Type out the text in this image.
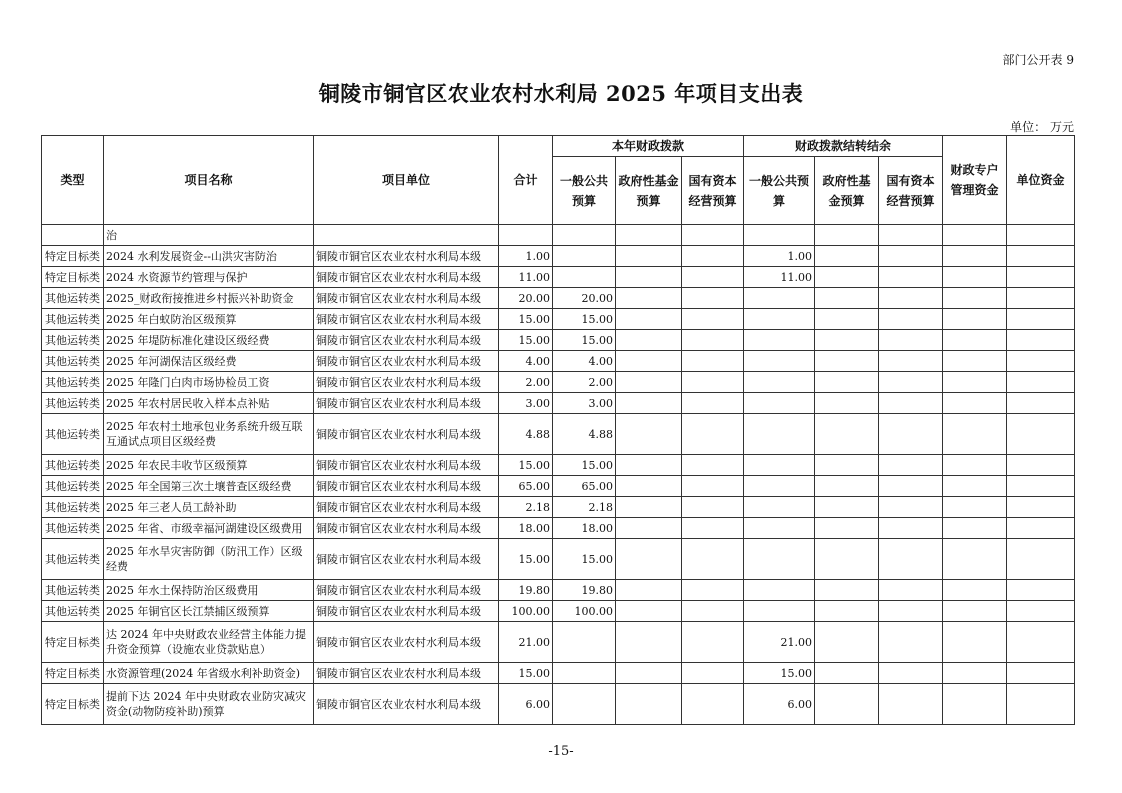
部门公开表 9
铜陵市铜官区农业农村水利局 2025 年项目支出表
单位： 万元
类型	项目名称	项目单位	合计	本年财政拨款			财政拨款结转结余			财政专户管理资金	单位资金
				一般公共预算	政府性基金预算	国有资本经营预算	一般公共预算	政府性基金预算	国有资本经营预算		
	治										
特定目标类	2024 水利发展资金--山洪灾害防治	铜陵市铜官区农业农村水利局本级	1.00				1.00				
特定目标类	2024 水资源节约管理与保护	铜陵市铜官区农业农村水利局本级	11.00				11.00				
其他运转类	2025_财政衔接推进乡村振兴补助资金	铜陵市铜官区农业农村水利局本级	20.00	20.00							
其他运转类	2025 年白蚁防治区级预算	铜陵市铜官区农业农村水利局本级	15.00	15.00							
其他运转类	2025 年堤防标准化建设区级经费	铜陵市铜官区农业农村水利局本级	15.00	15.00							
其他运转类	2025 年河湖保洁区级经费	铜陵市铜官区农业农村水利局本级	4.00	4.00							
其他运转类	2025 年隆门白肉市场协检员工资	铜陵市铜官区农业农村水利局本级	2.00	2.00							
其他运转类	2025 年农村居民收入样本点补贴	铜陵市铜官区农业农村水利局本级	3.00	3.00							
其他运转类	2025 年农村土地承包业务系统升级互联互通试点项目区级经费	铜陵市铜官区农业农村水利局本级	4.88	4.88							
其他运转类	2025 年农民丰收节区级预算	铜陵市铜官区农业农村水利局本级	15.00	15.00							
其他运转类	2025 年全国第三次土壤普查区级经费	铜陵市铜官区农业农村水利局本级	65.00	65.00							
其他运转类	2025 年三老人员工龄补助	铜陵市铜官区农业农村水利局本级	2.18	2.18							
其他运转类	2025 年省、市级幸福河湖建设区级费用	铜陵市铜官区农业农村水利局本级	18.00	18.00							
其他运转类	2025 年水旱灾害防御（防汛工作）区级经费	铜陵市铜官区农业农村水利局本级	15.00	15.00							
其他运转类	2025 年水土保持防治区级费用	铜陵市铜官区农业农村水利局本级	19.80	19.80							
其他运转类	2025 年铜官区长江禁捕区级预算	铜陵市铜官区农业农村水利局本级	100.00	100.00							
特定目标类	达 2024 年中央财政农业经营主体能力提升资金预算（设施农业贷款贴息）	铜陵市铜官区农业农村水利局本级	21.00				21.00				
特定目标类	水资源管理(2024 年省级水利补助资金)	铜陵市铜官区农业农村水利局本级	15.00				15.00				
特定目标类	提前下达 2024 年中央财政农业防灾减灾资金(动物防疫补助)预算	铜陵市铜官区农业农村水利局本级	6.00				6.00				
-15-
